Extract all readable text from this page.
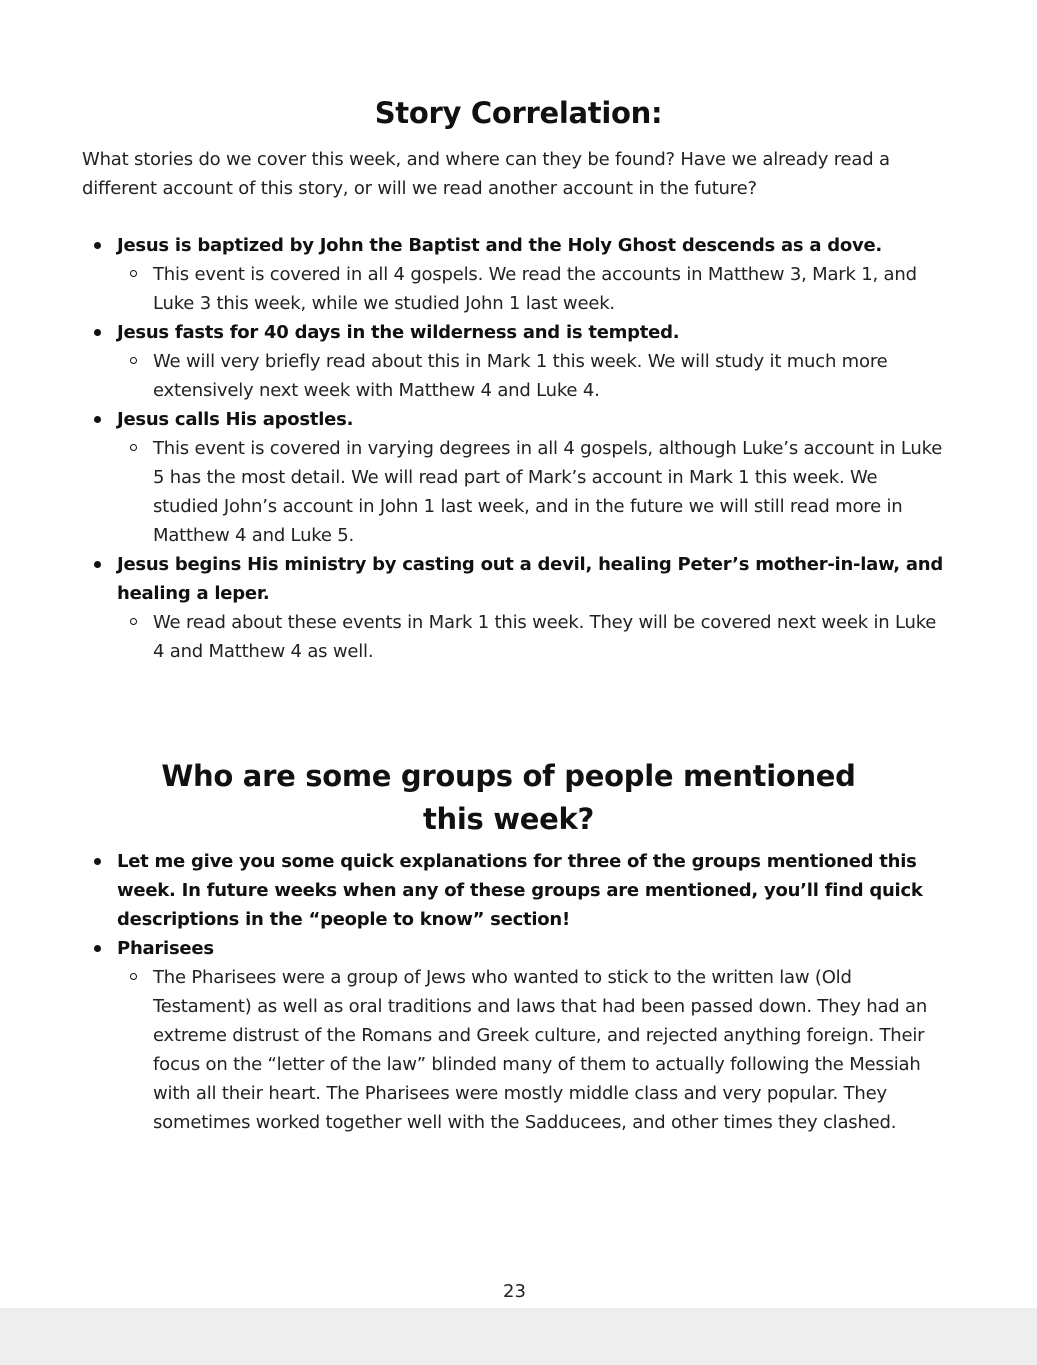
Story Correlation:

What stories do we cover this week, and where can they be found? Have we already read a different account of this story, or will we read another account in the future?

Jesus is baptized by John the Baptist and the Holy Ghost descends as a dove.
This event is covered in all 4 gospels. We read the accounts in Matthew 3, Mark 1, and Luke 3 this week, while we studied John 1 last week.
Jesus fasts for 40 days in the wilderness and is tempted.
We will very briefly read about this in Mark 1 this week. We will study it much more extensively next week with Matthew 4 and Luke 4.
Jesus calls His apostles.
This event is covered in varying degrees in all 4 gospels, although Luke’s account in Luke 5 has the most detail. We will read part of Mark’s account in Mark 1 this week. We studied John’s account in John 1 last week, and in the future we will still read more in Matthew 4 and Luke 5.
Jesus begins His ministry by casting out a devil, healing Peter’s mother-in-law, and healing a leper.
We read about these events in Mark 1 this week. They will be covered next week in Luke 4 and Matthew 4 as well.
Who are some groups of people mentioned
this week?
Let me give you some quick explanations for three of the groups mentioned this week. In future weeks when any of these groups are mentioned, you’ll find quick descriptions in the “people to know” section!
Pharisees
The Pharisees were a group of Jews who wanted to stick to the written law (Old Testament) as well as oral traditions and laws that had been passed down. They had an extreme distrust of the Romans and Greek culture, and rejected anything foreign. Their focus on the “letter of the law” blinded many of them to actually following the Messiah with all their heart. The Pharisees were mostly middle class and very popular. They sometimes worked together well with the Sadducees, and other times they clashed.
23
